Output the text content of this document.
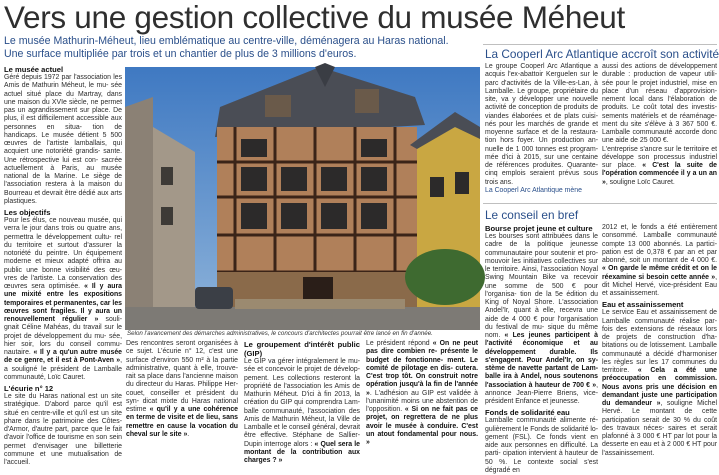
Vers une gestion collective du musée Méheut
Le musée Mathurin-Méheut, lieu emblématique au centre-ville, déménagera au Haras national.
Une surface multipliée par trois et un chantier de plus de 3 millions d'euros.
Le musée actuel

Géré depuis 1972 par l'association les Amis de Mathurin Méheut, le mu- sée actuel situé place du Martray, dans une maison du XVIe siècle, ne permet pas un agrandissement sur place. De plus, il est difficilement accessible aux personnes en situa- tion de handicaps. Le musée détient 5 500 œuvres de l'artiste lamballais, qui acquiert une notoriété grandis- sante. Une rétrospective lui est con- sacrée actuellement à Paris, au musée national de la Marine. Le siège de l'association restera à la maison du Bourreau et devrait être dédié aux arts plastiques.

Les objectifs

Pour les élus, ce nouveau musée, qui verra le jour dans trois ou quatre ans, permettra le développement cultu- rel du territoire et surtout d'assurer la notoriété du peintre. Un équipement moderne et mieux adapté offrira au public une bonne visibilité des œu- vres de l'artiste. La conservation des œuvres sera optimisée. « Il y aura une mixité entre les expositions temporaires et permanentes, car les œuvres sont fragiles. Il y aura un renouvellement régulier » souli- gnait Céline Mahéas, du travail sur le projet de développement du mu- sée, hier soir, lors du conseil commu- nautaire. « Il y a qu'un autre musée de ce genre, et il est à Pont-Aven », a souligné le président de Lamballe communauté, Loïc Cauret.

L'écurie n° 12

Le site du Haras national est un site stratégique. D'abord parce qu'il est situé en centre-ville et qu'il est un site phare dans le patrimoine des Côtes- d'Armor, d'autre part, parce que le fait d'avoir l'office de tourisme en son sein permet d'envisager une billetterie commune et une mutualisation de l'accueil.

Selon l'avancement des démarches administratives, le concours d'architectes pourrait être lancé en fin d'année.

Des rencontres seront organisées à ce sujet. L'écurie n° 12, c'est une surface d'environ 550 m² à la partie administrative, quant à elle, trouve- rait sa place dans l'ancienne maison du directeur du Haras. Philippe Her- couet, conseiller et président du syn- dicat mixte du Haras national estime « qu'il y a une cohérence en terme de visite et de lieu, sans remettre en cause la vocation du cheval sur le site ».

Le groupement d'intérêt public (GIP)

Le GIP va gérer intégralement le mu- sée et concevoir le projet de dévelop- pement. Les collections resteront la propriété de l'association les Amis de Mathurin Méheut. D'ici à fin 2013, la création du GIP qui comprendra Lam- balle communauté, l'association des Amis de Mathurin Méheut, la Ville de Lamballe et le conseil général, devrait être effective. Stéphane de Sallier-Dupin interroge alors : « Quel sera le montant de la contribution aux charges ? »

Le président répond « On ne peut pas dire combien re- présente le budget de fonctionne- ment. Le comité de pilotage en dis- cutera. C'est trop tôt. On construit notre opération jusqu'à la fin de l'année ». L'adhésion au GIP est validée à l'unanimité moins une abstention de l'opposition. « Si on ne fait pas ce projet, on regrettera de ne plus avoir le musée à conduire. C'est un atout fondamental pour nous. »

La Cooperl Arc Atlantique accroît son activité

Le groupe Cooperl Arc Atlantique a acquis l'ex-abattoir Kerguelen sur le parc d'activités de la Ville-es-Lan, à Lamballe. Le groupe, propriétaire du site, va y développer une nouvelle activité de conception de produits de viandes élaborées et de plats cuisi- nés pour les marchés de grande et moyenne surface et de la restaura- tion hors foyer. Un production an- nuelle de 1 000 tonnes est program- mée d'ici à 2015, sur une centaine de références produites. Quarante-cinq emplois seraient prévus sous trois ans.

La Cooperl Arc Atlantique mène

aussi des actions de développement durable : production de vapeur utili- sée pour le projet industriel, mise en place d'un réseau d'approvision- nement local dans l'élaboration de produits. Le coût total des investis- sements matériels et de réaménage- ment du site s'élève à 3 367 500 €. Lamballe communauté accorde donc une aide de 25 000 €.

L'entreprise s'ancre sur le territoire et développe son processus industriel sur place. « C'est la suite de l'opération commencée il y a un an », souligne Loïc Cauret.

Le conseil en bref
Bourse projet jeune et culture

Les bourses sont attribuées dans le cadre de la politique jeunesse communautaire pour soutenir et pro- mouvoir les initiatives collectives sur le territoire. Ainsi, l'association Noyal Swing Mountain Bike va recevoir une somme de 500 € pour l'organisa- tion de la 5e édition du King of Noyal Shore. L'association Andel'Ir, quant à elle, recevra une aide de 4 000 € pour l'organisation du festival de mu- sique du même nom. « Les jeunes participent à l'activité économique et au développement durable. Ils s'engagent. Pour Andel'Ir, on sy- stème de navette partant de Lam- balle ira à Andel, nous soutenons l'association à hauteur de 700 € », annonce Jean-Pierre Briens, vice-président Enfance et jeunesse.

Fonds de solidarité eau

Lamballe communauté alimente ré- gulièrement le Fonds de solidarité lo- gement (FSL). Ce fonds vient en aide aux personnes en difficulté. La parti- cipation intervient à hauteur de 50 %. Le contexte social s'est dégradé en

2012 et, le fonds a été entièrement consommé. Lamballe communauté compte 13 000 abonnés. La partici- pation est de 0,378 € par an et par abonné, soit un montant de 4 000 €. « On garde le même crédit et on le réexamine si besoin cette année », dit Michel Hervé, vice-président Eau et assainissement.

Eau et assainissement

Le service Eau et assainissement de Lamballe communauté réalise par- fois des extensions de réseaux lors de projets de construction d'ha- bitations ou de lotissement. Lamballe communauté a décidé d'harmoniser les règles sur les 17 communes du territoire. « Cela a été une préoccupation en commission. Nous avons pris une décision en demandant juste une participation du demandeur », souligne Michel Hervé. Le montant de cette participation serait de 30 % du coût des travaux néces- saires et serait plafonné à 3 000 € HT par lot pour la desserte en eau et à 2 000 € HT pour l'assainissement.
